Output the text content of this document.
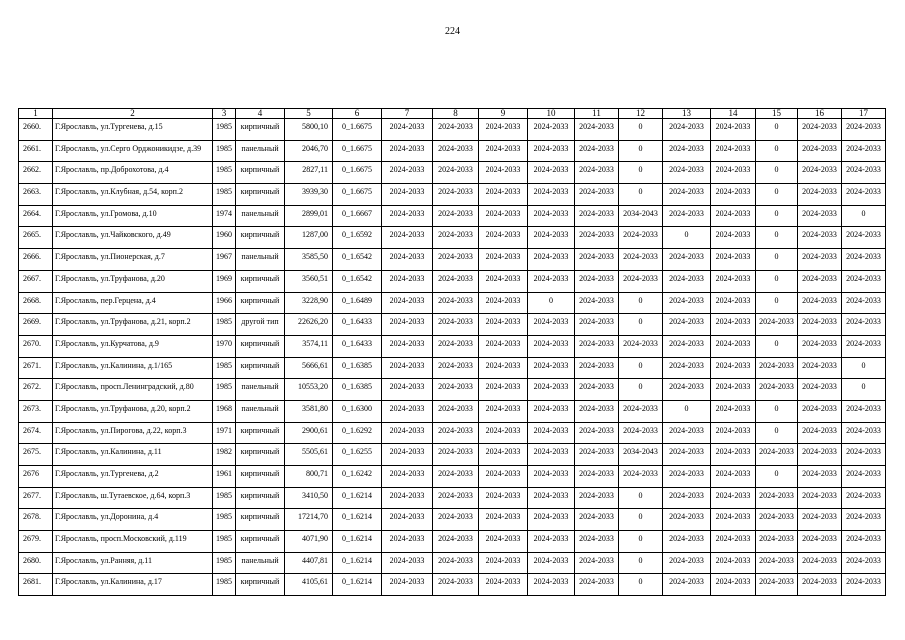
224
1	2	3	4	5	6	7	8	9	10	11	12	13	14	15	16	17
2660.	Г.Ярославль, ул.Тургенева, д.15	1985	кирпичный	5800,10	0_1.6675	2024-2033	2024-2033	2024-2033	2024-2033	2024-2033	0	2024-2033	2024-2033	0	2024-2033	2024-2033
2661.	Г.Ярославль, ул.Серго Орджоникидзе, д.39	1985	панельный	2046,70	0_1.6675	2024-2033	2024-2033	2024-2033	2024-2033	2024-2033	0	2024-2033	2024-2033	0	2024-2033	2024-2033
2662.	Г.Ярославль, пр.Доброхотова, д.4	1985	кирпичный	2827,11	0_1.6675	2024-2033	2024-2033	2024-2033	2024-2033	2024-2033	0	2024-2033	2024-2033	0	2024-2033	2024-2033
2663.	Г.Ярославль, ул.Клубная, д.54, корп.2	1985	кирпичный	3939,30	0_1.6675	2024-2033	2024-2033	2024-2033	2024-2033	2024-2033	0	2024-2033	2024-2033	0	2024-2033	2024-2033
2664.	Г.Ярославль, ул.Громова, д.10	1974	панельный	2899,01	0_1.6667	2024-2033	2024-2033	2024-2033	2024-2033	2024-2033	2034-2043	2024-2033	2024-2033	0	2024-2033	0
2665.	Г.Ярославль, ул.Чайковского, д.49	1960	кирпичный	1287,00	0_1.6592	2024-2033	2024-2033	2024-2033	2024-2033	2024-2033	2024-2033	0	2024-2033	0	2024-2033	2024-2033
2666.	Г.Ярославль, ул.Пионерская, д.7	1967	панельный	3585,50	0_1.6542	2024-2033	2024-2033	2024-2033	2024-2033	2024-2033	2024-2033	2024-2033	2024-2033	0	2024-2033	2024-2033
2667.	Г.Ярославль, ул.Труфанова, д.20	1969	кирпичный	3560,51	0_1.6542	2024-2033	2024-2033	2024-2033	2024-2033	2024-2033	2024-2033	2024-2033	2024-2033	0	2024-2033	2024-2033
2668.	Г.Ярославль, пер.Герцена, д.4	1966	кирпичный	3228,90	0_1.6489	2024-2033	2024-2033	2024-2033	0	2024-2033	0	2024-2033	2024-2033	0	2024-2033	2024-2033
2669.	Г.Ярославль, ул.Труфанова, д.21, корп.2	1985	другой тип	22626,20	0_1.6433	2024-2033	2024-2033	2024-2033	2024-2033	2024-2033	0	2024-2033	2024-2033	2024-2033	2024-2033	2024-2033
2670.	Г.Ярославль, ул.Курчатова, д.9	1970	кирпичный	3574,11	0_1.6433	2024-2033	2024-2033	2024-2033	2024-2033	2024-2033	2024-2033	2024-2033	2024-2033	0	2024-2033	2024-2033
2671.	Г.Ярославль, ул.Калинина, д.1/165	1985	кирпичный	5666,61	0_1.6385	2024-2033	2024-2033	2024-2033	2024-2033	2024-2033	0	2024-2033	2024-2033	2024-2033	2024-2033	0
2672.	Г.Ярославль, просп.Ленинградский, д.80	1985	панельный	10553,20	0_1.6385	2024-2033	2024-2033	2024-2033	2024-2033	2024-2033	0	2024-2033	2024-2033	2024-2033	2024-2033	0
2673.	Г.Ярославль, ул.Труфанова, д.20, корп.2	1968	панельный	3581,80	0_1.6300	2024-2033	2024-2033	2024-2033	2024-2033	2024-2033	2024-2033	0	2024-2033	0	2024-2033	2024-2033
2674.	Г.Ярославль, ул.Пирогова, д.22, корп.3	1971	кирпичный	2900,61	0_1.6292	2024-2033	2024-2033	2024-2033	2024-2033	2024-2033	2024-2033	2024-2033	2024-2033	0	2024-2033	2024-2033
2675.	Г.Ярославль, ул.Калинина, д.11	1982	кирпичный	5505,61	0_1.6255	2024-2033	2024-2033	2024-2033	2024-2033	2024-2033	2034-2043	2024-2033	2024-2033	2024-2033	2024-2033	2024-2033
2676	Г.Ярославль, ул.Тургенева, д.2	1961	кирпичный	800,71	0_1.6242	2024-2033	2024-2033	2024-2033	2024-2033	2024-2033	2024-2033	2024-2033	2024-2033	0	2024-2033	2024-2033
2677.	Г.Ярославль, ш.Тутаевское, д.64, корп.3	1985	кирпичный	3410,50	0_1.6214	2024-2033	2024-2033	2024-2033	2024-2033	2024-2033	0	2024-2033	2024-2033	2024-2033	2024-2033	2024-2033
2678.	Г.Ярославль, ул.Доронина, д.4	1985	кирпичный	17214,70	0_1.6214	2024-2033	2024-2033	2024-2033	2024-2033	2024-2033	0	2024-2033	2024-2033	2024-2033	2024-2033	2024-2033
2679.	Г.Ярославль, просп.Московский, д.119	1985	кирпичный	4071,90	0_1.6214	2024-2033	2024-2033	2024-2033	2024-2033	2024-2033	0	2024-2033	2024-2033	2024-2033	2024-2033	2024-2033
2680.	Г.Ярославль, ул.Ранняя, д.11	1985	панельный	4407,81	0_1.6214	2024-2033	2024-2033	2024-2033	2024-2033	2024-2033	0	2024-2033	2024-2033	2024-2033	2024-2033	2024-2033
2681.	Г.Ярославль, ул.Калинина, д.17	1985	кирпичный	4105,61	0_1.6214	2024-2033	2024-2033	2024-2033	2024-2033	2024-2033	0	2024-2033	2024-2033	2024-2033	2024-2033	2024-2033
